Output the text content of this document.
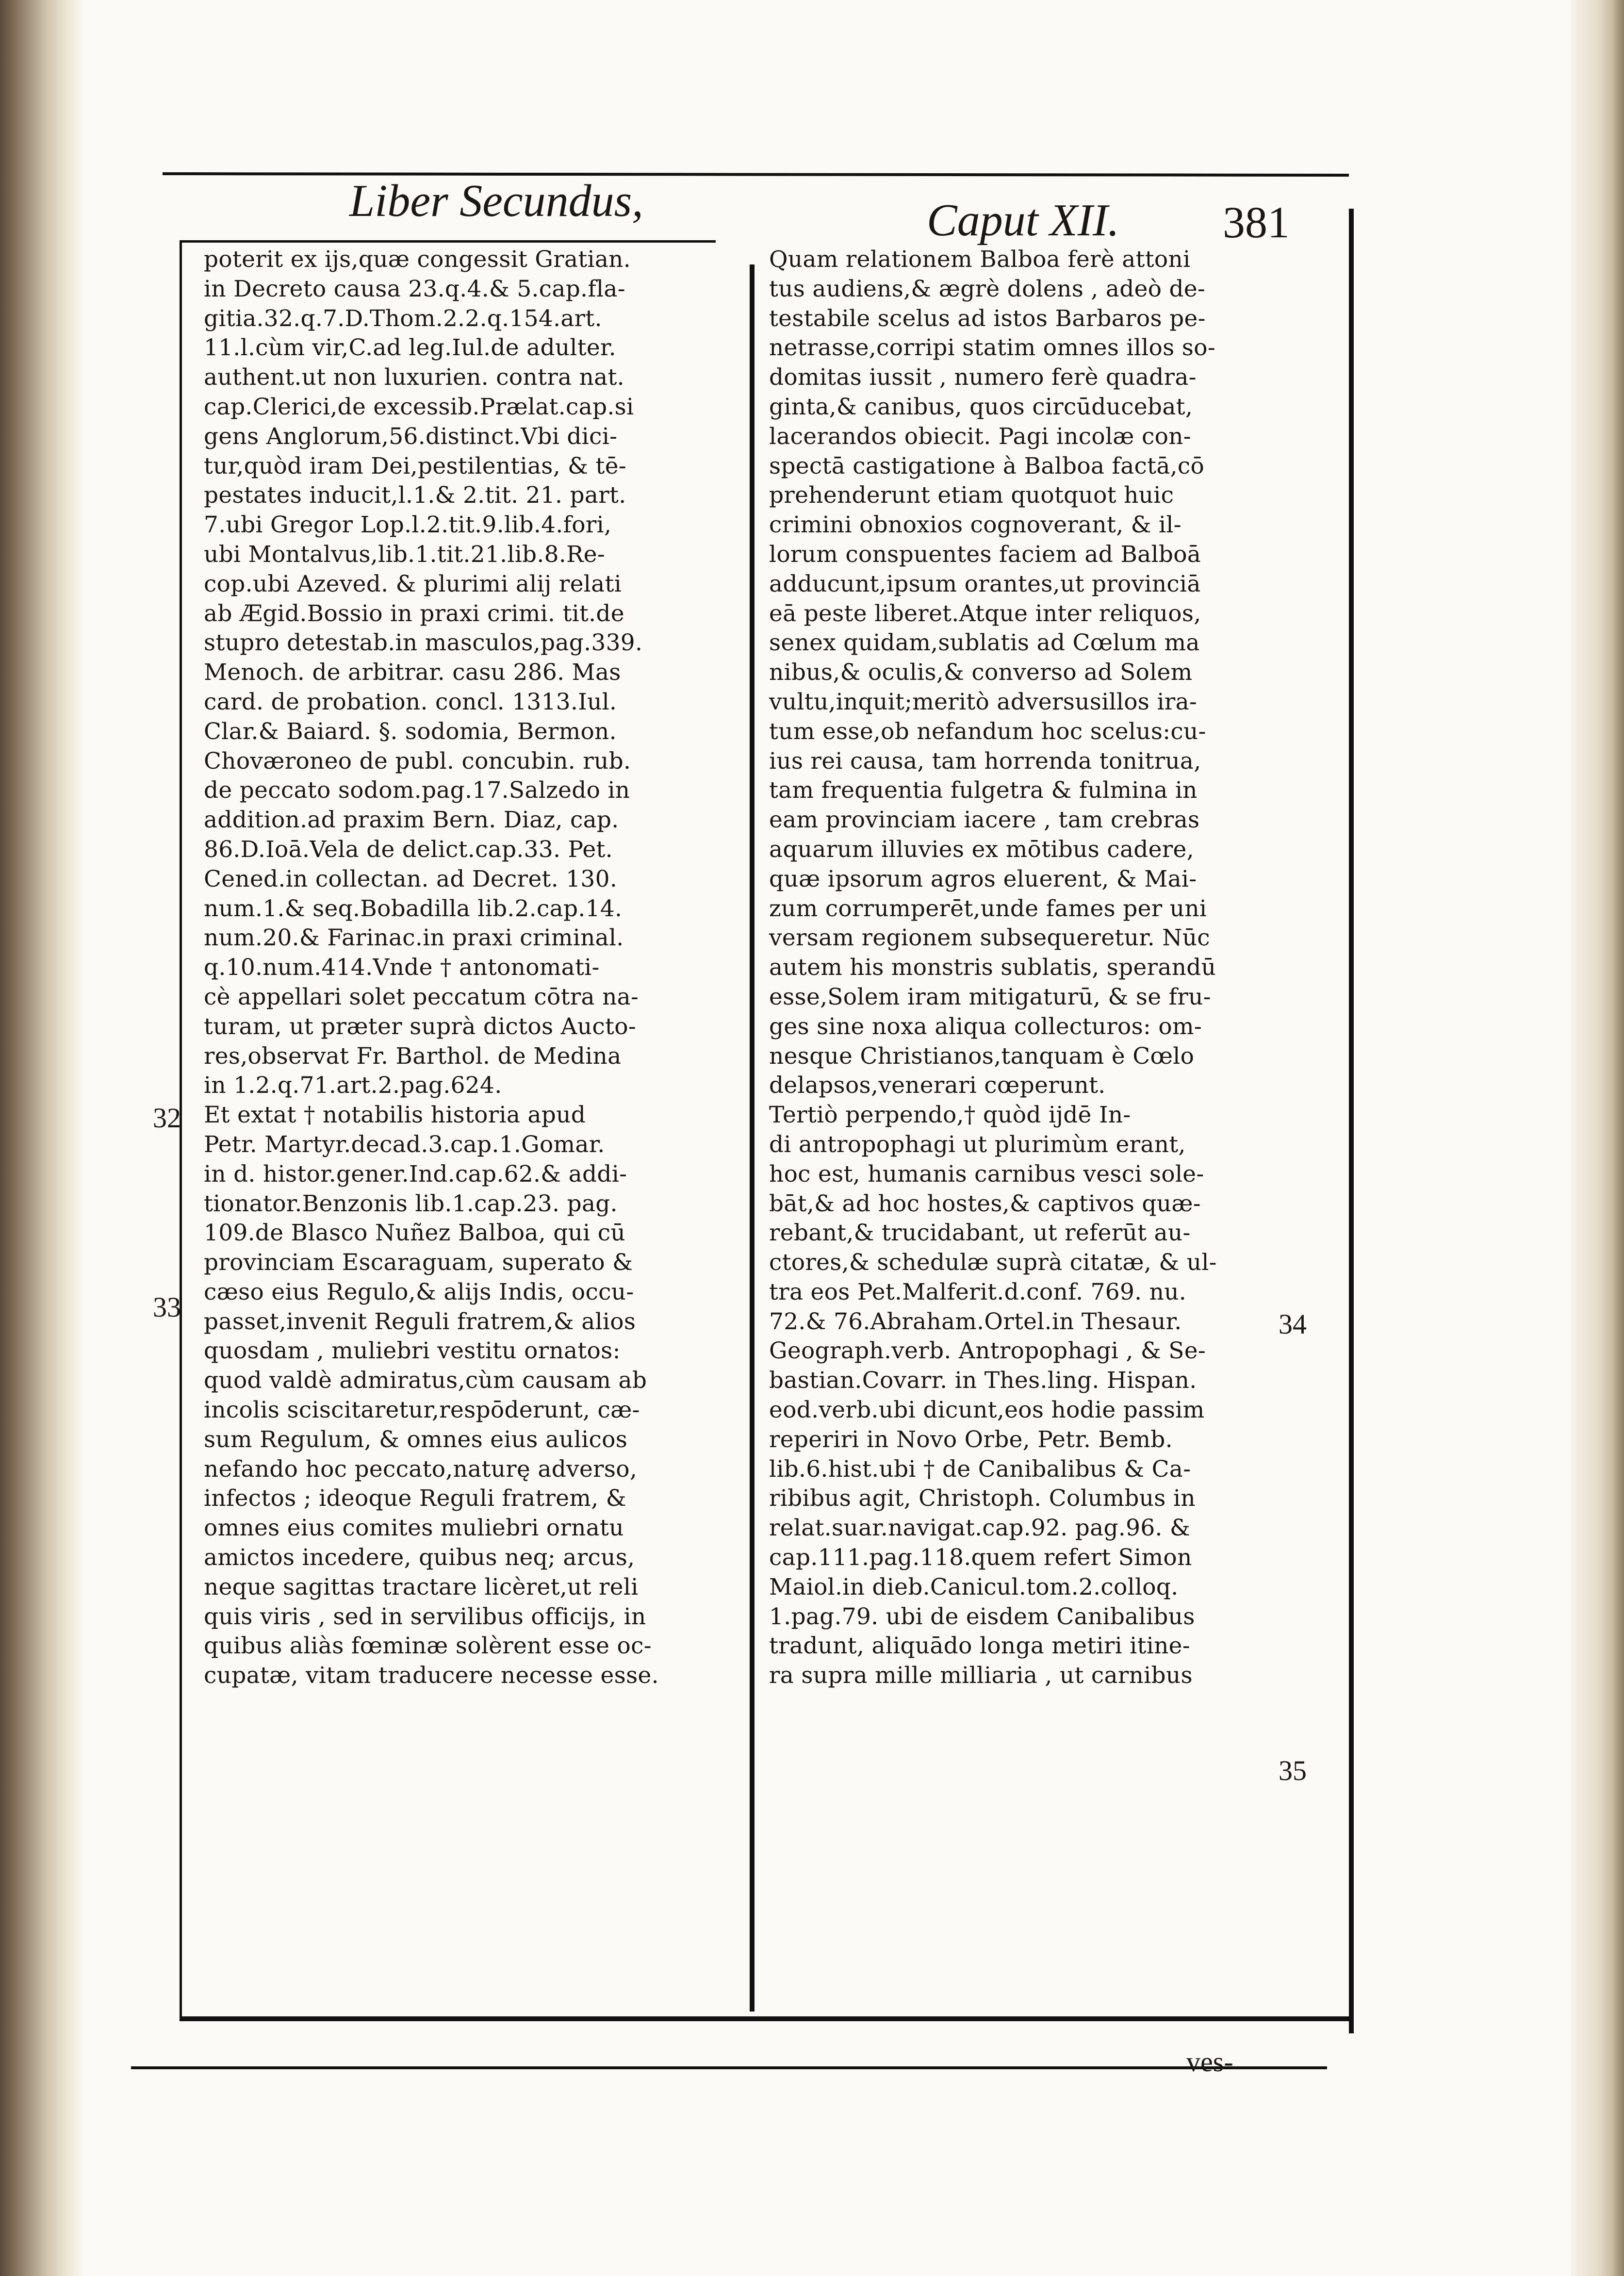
Liber Secundus,	Caput XII. 381
poterit ex ijs,quæ congessit Gratian.
in Decreto causa 23.q.4.& 5.cap.fla-
gitia.32.q.7.D.Thom.2.2.q.154.art.
11.l.cùm vir,C.ad leg.Iul.de adulter.
authent.ut non luxurien. contra nat.
cap.Clerici,de excessib.Prælat.cap.si
gens Anglorum,56.distinct.Vbi dici-
tur,quòd iram Dei,pestilentias, & tē-
pestates inducit,l.1.& 2.tit. 21. part.
7.ubi Gregor Lop.l.2.tit.9.lib.4.fori,
ubi Montalvus,lib.1.tit.21.lib.8.Re-
cop.ubi Azeved. & plurimi alij relati
ab Ægid.Bossio in praxi crimi. tit.de
stupro detestab.in masculos,pag.339.
Menoch. de arbitrar. casu 286. Mas
card. de probation. concl. 1313.Iul.
Clar.& Baiard. §. sodomia, Bermon.
Choværoneo de publ. concubin. rub.
de peccato sodom.pag.17.Salzedo in
addition.ad praxim Bern. Diaz, cap.
86.D.Ioā.Vela de delict.cap.33. Pet.
Cened.in collectan. ad Decret. 130.
num.1.& seq.Bobadilla lib.2.cap.14.
num.20.& Farinac.in praxi criminal.
q.10.num.414.Vnde † antonomati-
cè appellari solet peccatum cōtra na-
turam, ut præter suprà dictos Aucto-
res,observat Fr. Barthol. de Medina
in 1.2.q.71.art.2.pag.624.
Et extat † notabilis historia apud
Petr. Martyr.decad.3.cap.1.Gomar.
in d. histor.gener.Ind.cap.62.& addi-
tionator.Benzonis lib.1.cap.23. pag.
109.de Blasco Nuñez Balboa, qui cū
provinciam Escaraguam, superato &
cæso eius Regulo,& alijs Indis, occu-
passet,invenit Reguli fratrem,& alios
quosdam , muliebri vestitu ornatos:
quod valdè admiratus,cùm causam ab
incolis sciscitaretur,respōderunt, cæ-
sum Regulum, & omnes eius aulicos
nefando hoc peccato,naturę adverso,
infectos ; ideoque Reguli fratrem, &
omnes eius comites muliebri ornatu
amictos incedere, quibus neq; arcus,
neque sagittas tractare licèret,ut reli
quis viris , sed in servilibus officijs, in
quibus aliàs fœminæ solèrent esse oc-
cupatæ, vitam traducere necesse esse.
Quam relationem Balboa ferè attoni
tus audiens,& ægrè dolens , adeò de-
testabile scelus ad istos Barbaros pe-
netrasse,corripi statim omnes illos so-
domitas iussit , numero ferè quadra-
ginta,& canibus, quos circūducebat,
lacerandos obiecit. Pagi incolæ con-
spectā castigatione à Balboa factā,cō
prehenderunt etiam quotquot huic
crimini obnoxios cognoverant, & il-
lorum conspuentes faciem ad Balboā
adducunt,ipsum orantes,ut provinciā
eā peste liberet.Atque inter reliquos,
senex quidam,sublatis ad Cœlum ma
nibus,& oculis,& converso ad Solem
vultu,inquit;meritò adversusillos ira-
tum esse,ob nefandum hoc scelus:cu-
ius rei causa, tam horrenda tonitrua,
tam frequentia fulgetra & fulmina in
eam provinciam iacere , tam crebras
aquarum illuvies ex mōtibus cadere,
quæ ipsorum agros eluerent, & Mai-
zum corrumperēt,unde fames per uni
versam regionem subsequeretur. Nūc
autem his monstris sublatis, sperandū
esse,Solem iram mitigaturū, & se fru-
ges sine noxa aliqua collecturos: om-
nesque Christianos,tanquam è Cœlo
delapsos,venerari cœperunt.
Tertiò perpendo,† quòd ijdē In-
di antropophagi ut plurimùm erant,
hoc est, humanis carnibus vesci sole-
bāt,& ad hoc hostes,& captivos quæ-
rebant,& trucidabant, ut referūt au-
ctores,& schedulæ suprà citatæ, & ul-
tra eos Pet.Malferit.d.conf. 769. nu.
72.& 76.Abraham.Ortel.in Thesaur.
Geograph.verb. Antropophagi , & Se-
bastian.Covarr. in Thes.ling. Hispan.
eod.verb.ubi dicunt,eos hodie passim
reperiri in Novo Orbe, Petr. Bemb.
lib.6.hist.ubi † de Canibalibus & Ca-
ribibus agit, Christoph. Columbus in
relat.suar.navigat.cap.92. pag.96. &
cap.111.pag.118.quem refert Simon
Maiol.in dieb.Canicul.tom.2.colloq.
1.pag.79. ubi de eisdem Canibalibus
tradunt, aliquādo longa metiri itine-
ra supra mille milliaria , ut carnibus
32
33
34
35
ves-
